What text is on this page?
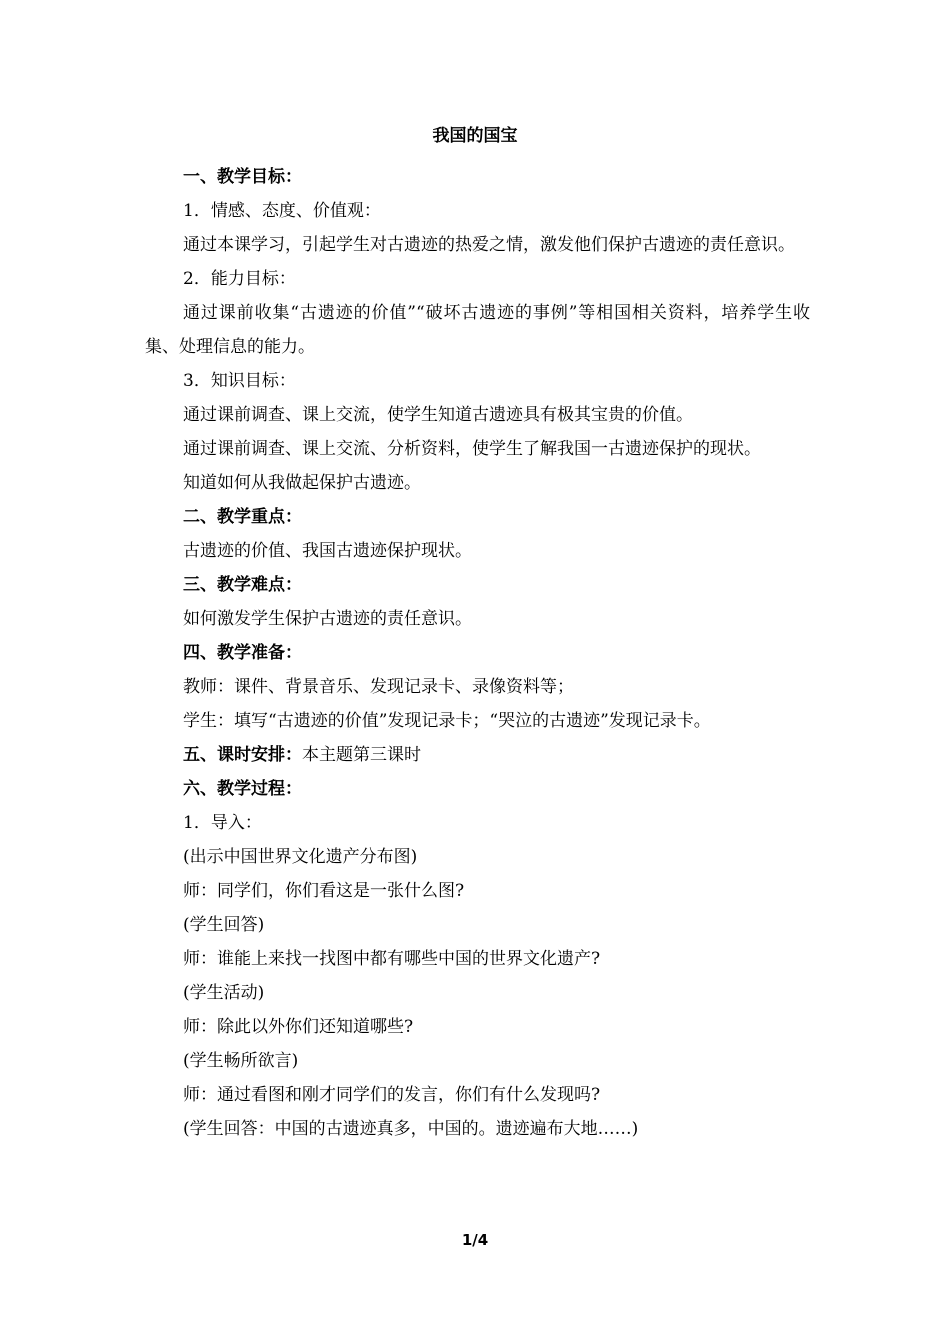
我国的国宝
一、教学目标：
1．情感、态度、价值观：
通过本课学习，引起学生对古遗迹的热爱之情，激发他们保护古遗迹的责任意识。
2．能力目标：
通过课前收集“古遗迹的价值”“破坏古遗迹的事例”等相国相关资料，培养学生收集、处理信息的能力。
3．知识目标：
通过课前调查、课上交流，使学生知道古遗迹具有极其宝贵的价值。
通过课前调查、课上交流、分析资料，使学生了解我国一古遗迹保护的现状。
知道如何从我做起保护古遗迹。
二、教学重点：
古遗迹的价值、我国古遗迹保护现状。
三、教学难点：
如何激发学生保护古遗迹的责任意识。
四、教学准备：
教师：课件、背景音乐、发现记录卡、录像资料等；
学生：填写“古遗迹的价值”发现记录卡；“哭泣的古遗迹”发现记录卡。
五、课时安排：本主题第三课时
六、教学过程：
1．导入：
(出示中国世界文化遗产分布图)
师：同学们，你们看这是一张什么图?
(学生回答)
师：谁能上来找一找图中都有哪些中国的世界文化遗产?
(学生活动)
师：除此以外你们还知道哪些?
(学生畅所欲言)
师：通过看图和刚才同学们的发言，你们有什么发现吗?
(学生回答：中国的古遗迹真多，中国的。遗迹遍布大地……)
1/4
